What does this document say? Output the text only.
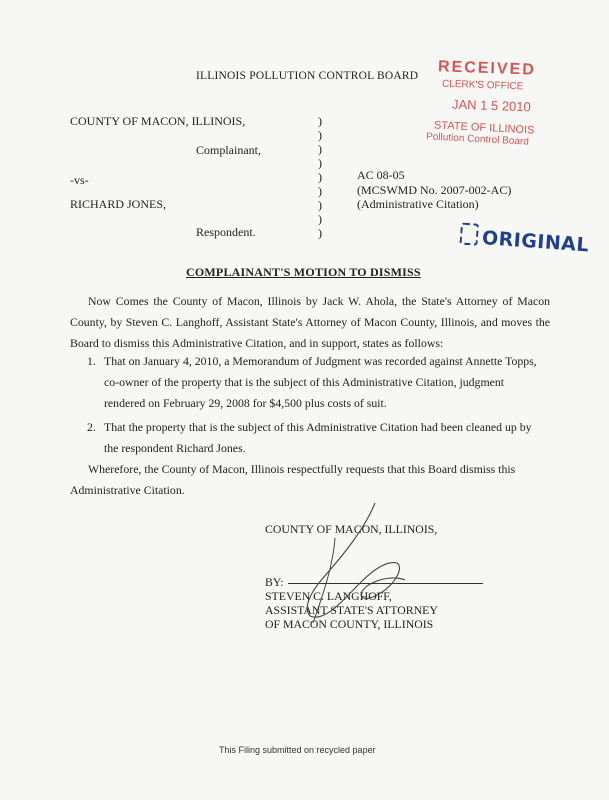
ILLINOIS POLLUTION CONTROL BOARD RECEIVED
CLERK'S OFFICE
JAN 1 5 2010
STATE OF ILLINOIS
Pollution Control Board
ORIGINAL
COUNTY OF MACON, ILLINOIS,
Complainant,
-vs-
RICHARD JONES,
Respondent.
)
)
)
)
)
)
)
)
)
AC 08-05
(MCSWMD No. 2007-002-AC)
(Administrative Citation)
COMPLAINANT'S MOTION TO DISMISS
Now Comes the County of Macon, Illinois by Jack W. Ahola, the State's Attorney of Macon County, by Steven C. Langhoff, Assistant State's Attorney of Macon County, Illinois, and moves the Board to dismiss this Administrative Citation, and in support, states as follows:
1. That on January 4, 2010, a Memorandum of Judgment was recorded against Annette Topps, co-owner of the property that is the subject of this Administrative Citation, judgment rendered on February 29, 2008 for $4,500 plus costs of suit.
2. That the property that is the subject of this Administrative Citation had been cleaned up by the respondent Richard Jones.
Wherefore, the County of Macon, Illinois respectfully requests that this Board dismiss this Administrative Citation.
COUNTY OF MACON, ILLINOIS,
BY:
STEVEN C. LANGHOFF,
ASSISTANT STATE'S ATTORNEY
OF MACON COUNTY, ILLINOIS
This Filing submitted on recycled paper
